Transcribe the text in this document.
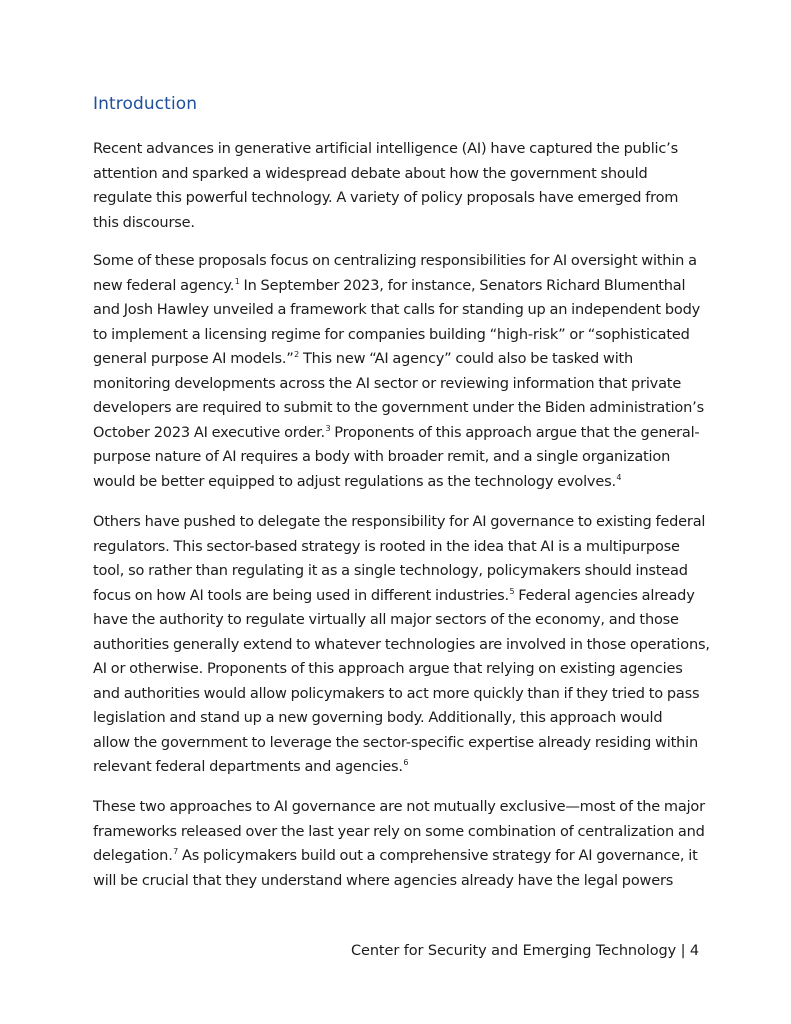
Introduction

Recent advances in generative artificial intelligence (AI) have captured the public’s
attention and sparked a widespread debate about how the government should
regulate this powerful technology. A variety of policy proposals have emerged from
this discourse.

Some of these proposals focus on centralizing responsibilities for AI oversight within a
new federal agency.$^1$ In September 2023, for instance, Senators Richard Blumenthal
and Josh Hawley unveiled a framework that calls for standing up an independent body
to implement a licensing regime for companies building “high-risk” or “sophisticated
general purpose AI models.”$^2$ This new “AI agency” could also be tasked with
monitoring developments across the AI sector or reviewing information that private
developers are required to submit to the government under the Biden administration’s
October 2023 AI executive order.$^3$ Proponents of this approach argue that the general-
purpose nature of AI requires a body with broader remit, and a single organization
would be better equipped to adjust regulations as the technology evolves.$^4$

Others have pushed to delegate the responsibility for AI governance to existing federal
regulators. This sector-based strategy is rooted in the idea that AI is a multipurpose
tool, so rather than regulating it as a single technology, policymakers should instead
focus on how AI tools are being used in different industries.$^5$ Federal agencies already
have the authority to regulate virtually all major sectors of the economy, and those
authorities generally extend to whatever technologies are involved in those operations,
AI or otherwise. Proponents of this approach argue that relying on existing agencies
and authorities would allow policymakers to act more quickly than if they tried to pass
legislation and stand up a new governing body. Additionally, this approach would
allow the government to leverage the sector-specific expertise already residing within
relevant federal departments and agencies.$^6$

These two approaches to AI governance are not mutually exclusive—most of the major
frameworks released over the last year rely on some combination of centralization and
delegation.$^7$ As policymakers build out a comprehensive strategy for AI governance, it
will be crucial that they understand where agencies already have the legal powers

Center for Security and Emerging Technology | 4
